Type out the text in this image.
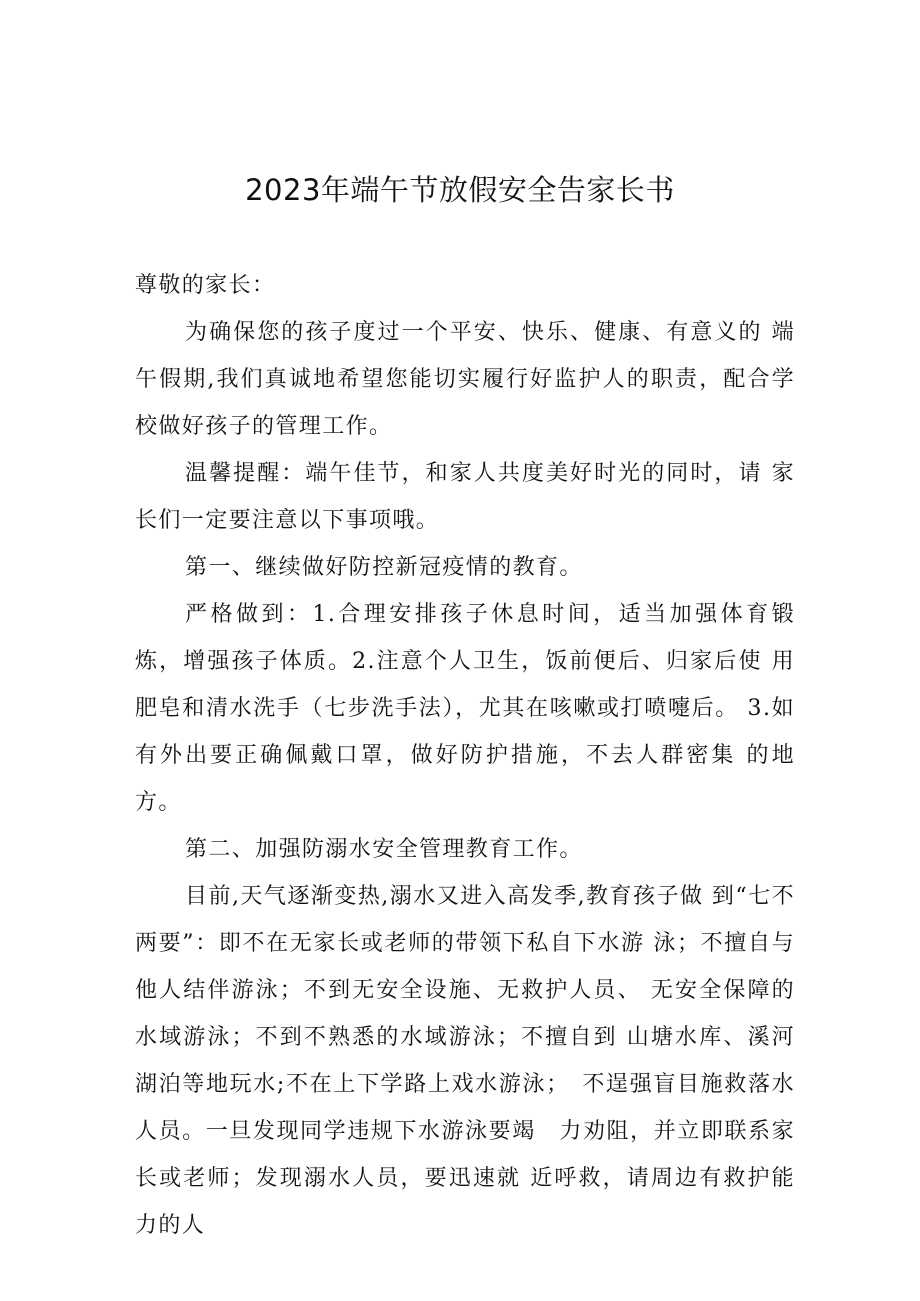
2023年端午节放假安全告家长书

尊敬的家长：

为确保您的孩子度过一个平安、快乐、健康、有意义的 端午假期,我们真诚地希望您能切实履行好监护人的职责，配合学校做好孩子的管理工作。

温馨提醒：端午佳节，和家人共度美好时光的同时，请 家长们一定要注意以下事项哦。

第一、继续做好防控新冠疫情的教育。

严格做到：1.合理安排孩子休息时间，适当加强体育锻　炼，增强孩子体质。2.注意个人卫生，饭前便后、归家后使 用肥皂和清水洗手（七步洗手法），尤其在咳嗽或打喷嚏后。 3.如有外出要正确佩戴口罩，做好防护措施，不去人群密集 的地方。

第二、加强防溺水安全管理教育工作。

目前,天气逐渐变热,溺水又进入高发季,教育孩子做 到“七不两要”：即不在无家长或老师的带领下私自下水游 泳；不擅自与他人结伴游泳；不到无安全设施、无救护人员、 无安全保障的水域游泳；不到不熟悉的水域游泳；不擅自到 山塘水库、溪河湖泊等地玩水;不在上下学路上戏水游泳；　不逞强盲目施救落水人员。一旦发现同学违规下水游泳要竭　力劝阻，并立即联系家长或老师；发现溺水人员，要迅速就 近呼救，请周边有救护能力的人
